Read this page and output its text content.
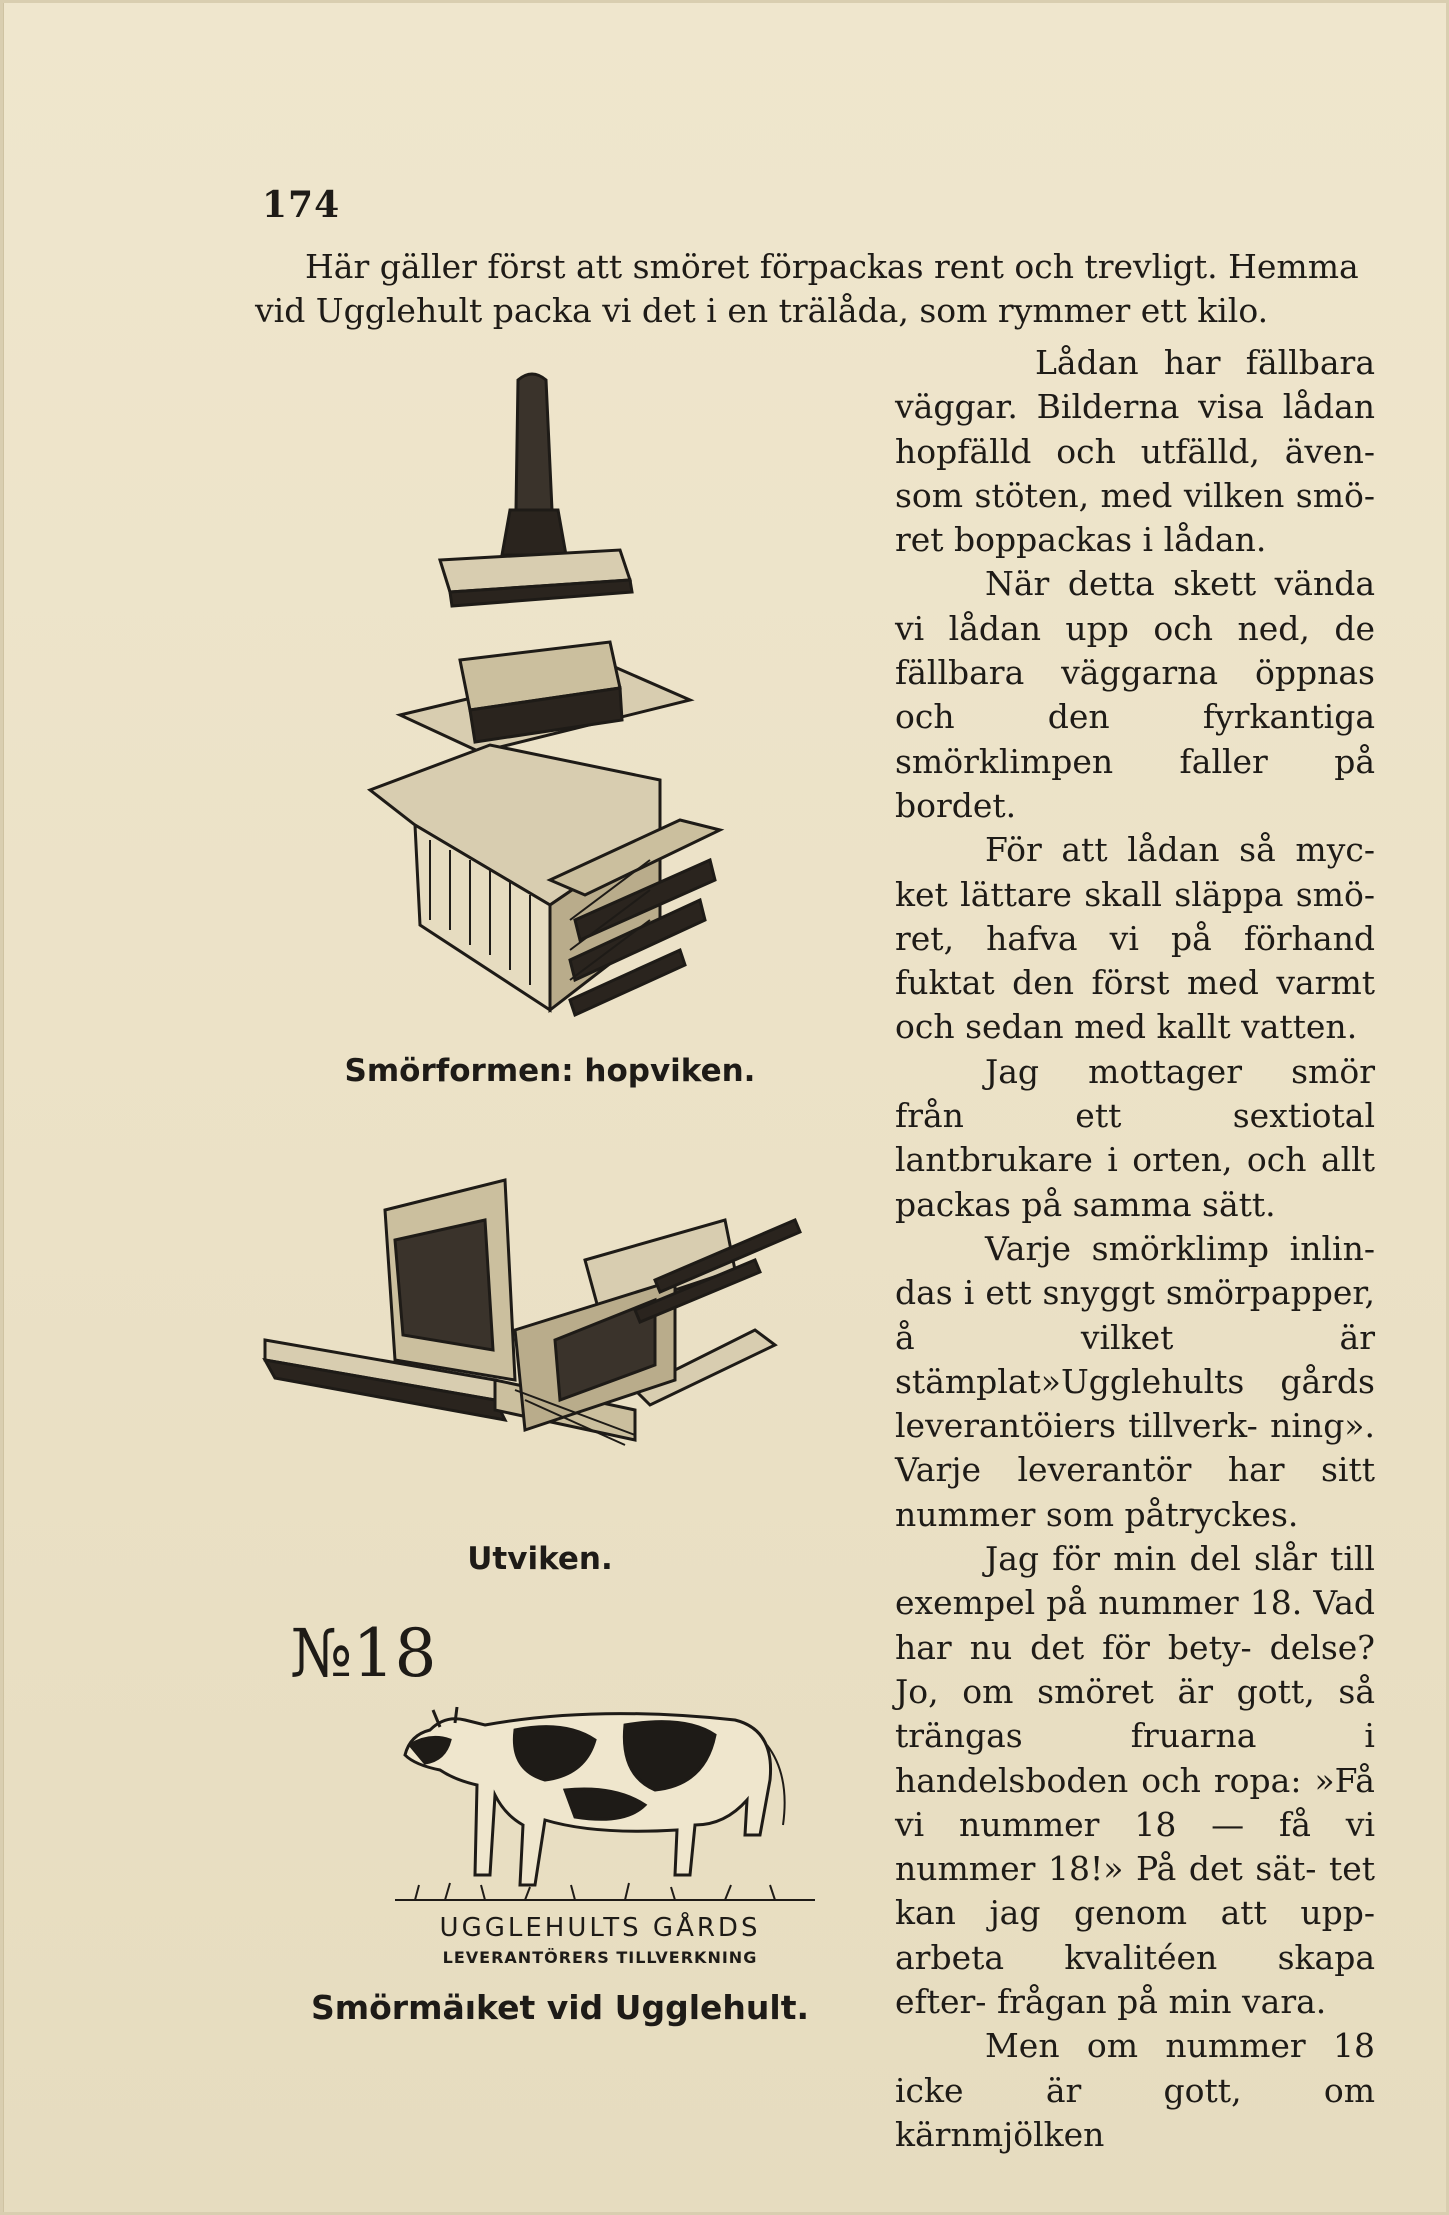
174

Här gäller först att smöret förpackas rent och trevligt. Hemma

vid Ugglehult packa vi det i en trälåda, som rymmer ett kilo.

Lådan har fällbara väggar. Bilderna visa lådan hopfälld och utfälld, även- som stöten, med vilken smö- ret boppackas i lådan.

När detta skett vända vi lådan upp och ned, de fällbara väggarna öppnas och den fyrkantiga smörklimpen faller på bordet.

För att lådan så myc- ket lättare skall släppa smö- ret, hafva vi på förhand fuktat den först med varmt och sedan med kallt vatten.

Jag mottager smör från ett sextiotal lantbrukare i orten, och allt packas på samma sätt.

Varje smörklimp inlin- das i ett snyggt smörpapper, å vilket är stämplat»Ugglehults gårds leverantöiers tillverk- ning». Varje leverantör har sitt nummer som påtryckes.

Jag för min del slår till exempel på nummer 18. Vad har nu det för bety- delse? Jo, om smöret är gott, så trängas fruarna i handelsboden och ropa: »Få vi nummer 18 — få vi nummer 18!» På det sät- tet kan jag genom att upp- arbeta kvalitéen skapa efter- frågan på min vara.

Men om nummer 18 icke är gott, om kärnmjölken

Smörformen: hopviken.
Utviken.
№18
UGGLEHULTS GÅRDS
LEVERANTÖRERS TILLVERKNING
Smörmäıket vid Ugglehult.
